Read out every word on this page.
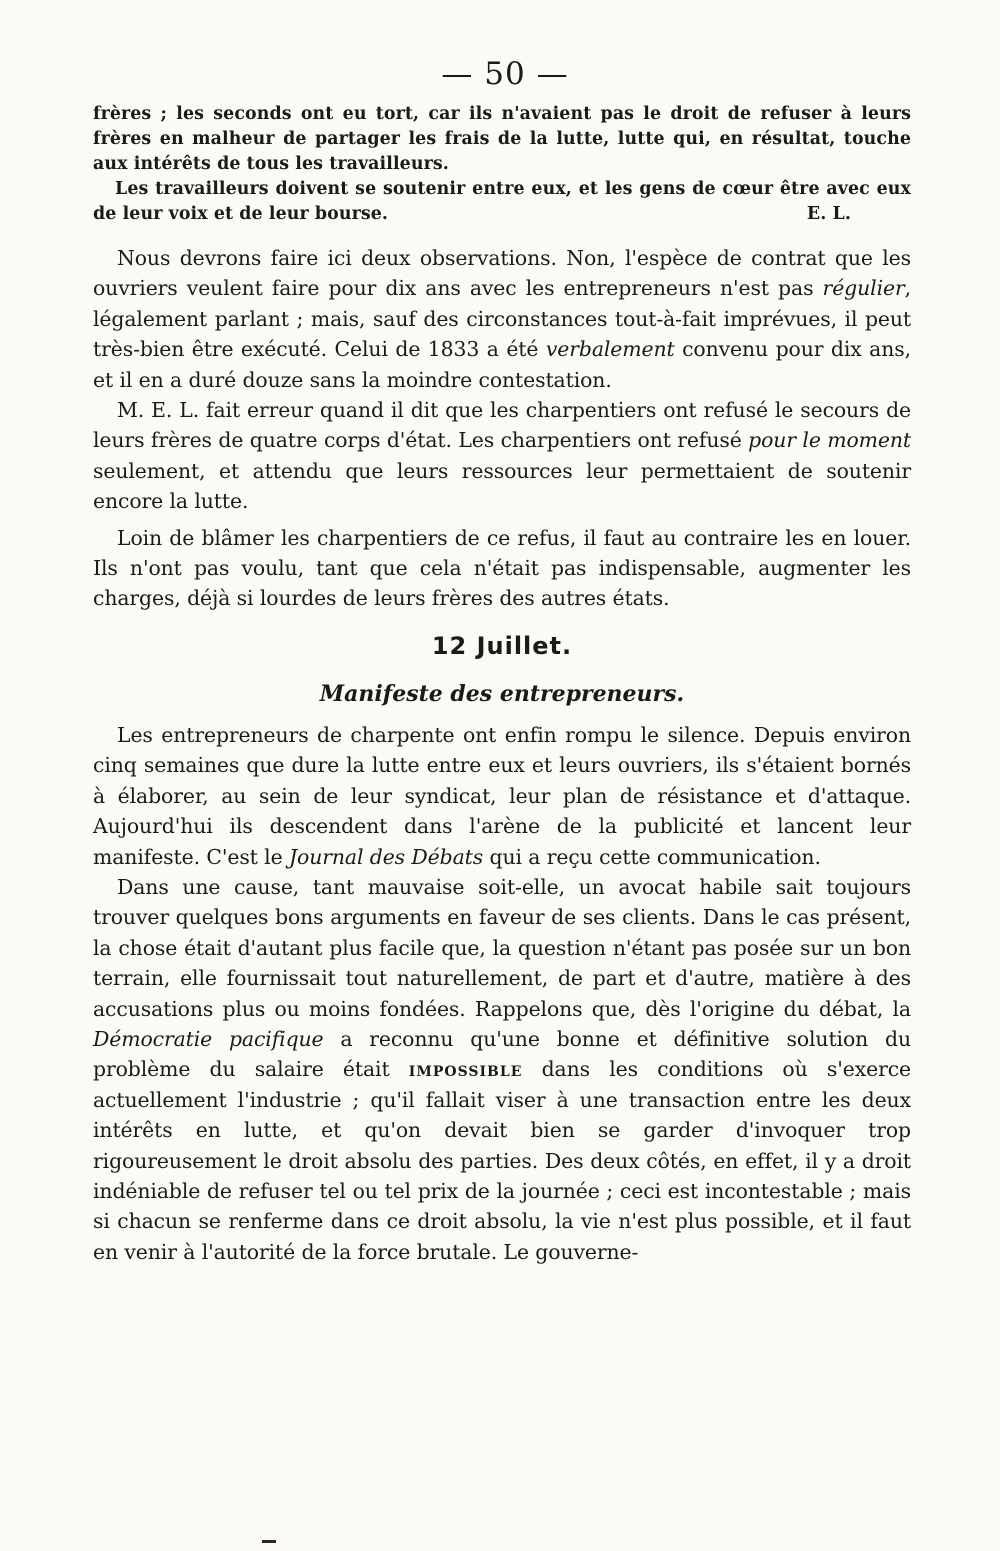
— 50 —

frères ; les seconds ont eu tort, car ils n'avaient pas le droit de refuser à leurs frères en malheur de partager les frais de la lutte, lutte qui, en résultat, touche aux intérêts de tous les travailleurs.

Les travailleurs doivent se soutenir entre eux, et les gens de cœur être avec eux de leur voix et de leur bourse.	E. L.

Nous devrons faire ici deux observations. Non, l'espèce de contrat que les ouvriers veulent faire pour dix ans avec les entrepreneurs n'est pas régulier, légalement parlant ; mais, sauf des circonstances tout-à-fait imprévues, il peut très-bien être exécuté. Celui de 1833 a été verbalement convenu pour dix ans, et il en a duré douze sans la moindre contestation.

M. E. L. fait erreur quand il dit que les charpentiers ont refusé le secours de leurs frères de quatre corps d'état. Les charpentiers ont refusé pour le moment seulement, et attendu que leurs ressources leur permettaient de soutenir encore la lutte.

Loin de blâmer les charpentiers de ce refus, il faut au contraire les en louer. Ils n'ont pas voulu, tant que cela n'était pas indispensable, augmenter les charges, déjà si lourdes de leurs frères des autres états.

12 Juillet.
Manifeste des entrepreneurs.

Les entrepreneurs de charpente ont enfin rompu le silence. Depuis environ cinq semaines que dure la lutte entre eux et leurs ouvriers, ils s'étaient bornés à élaborer, au sein de leur syndicat, leur plan de résistance et d'attaque. Aujourd'hui ils descendent dans l'arène de la publicité et lancent leur manifeste. C'est le Journal des Débats qui a reçu cette communication.

Dans une cause, tant mauvaise soit-elle, un avocat habile sait toujours trouver quelques bons arguments en faveur de ses clients. Dans le cas présent, la chose était d'autant plus facile que, la question n'étant pas posée sur un bon terrain, elle fournissait tout naturellement, de part et d'autre, matière à des accusations plus ou moins fondées. Rappelons que, dès l'origine du débat, la Démocratie pacifique a reconnu qu'une bonne et définitive solution du problème du salaire était impossible dans les conditions où s'exerce actuellement l'industrie ; qu'il fallait viser à une transaction entre les deux intérêts en lutte, et qu'on devait bien se garder d'invoquer trop rigoureusement le droit absolu des parties. Des deux côtés, en effet, il y a droit indéniable de refuser tel ou tel prix de la journée ; ceci est incontestable ; mais si chacun se renferme dans ce droit absolu, la vie n'est plus possible, et il faut en venir à l'autorité de la force brutale. Le gouverne-
